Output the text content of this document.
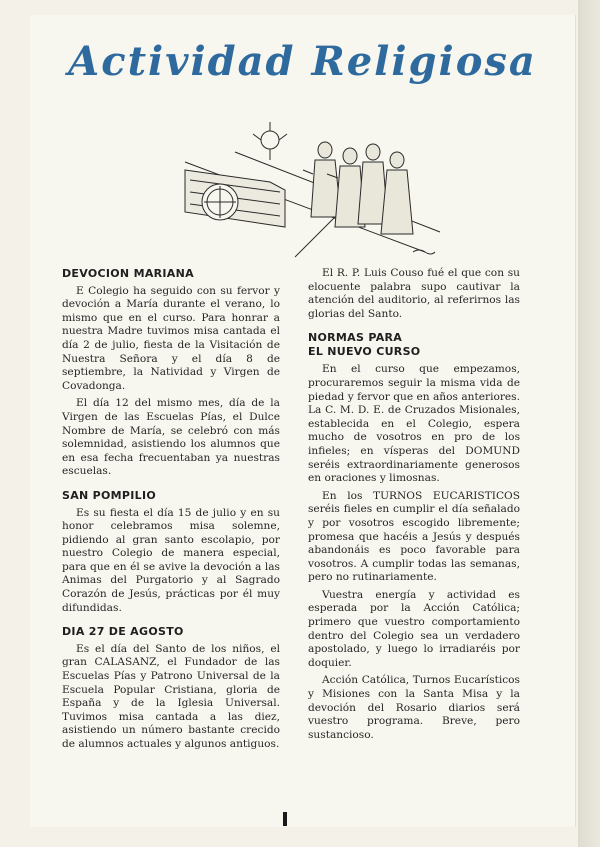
Actividad Religiosa
DEVOCION MARIANA

E Colegio ha seguido con su fervor y devoción a María durante el verano, lo mismo que en el curso. Para honrar a nuestra Madre tuvimos misa cantada el día 2 de julio, fiesta de la Visitación de Nuestra Señora y el día 8 de septiembre, la Natividad y Virgen de Covadonga.

El día 12 del mismo mes, día de la Virgen de las Escuelas Pías, el Dulce Nombre de María, se celebró con más solemnidad, asistiendo los alumnos que en esa fecha frecuentaban ya nuestras escuelas.

SAN POMPILIO

Es su fiesta el día 15 de julio y en su honor celebramos misa solemne, pidiendo al gran santo escolapio, por nuestro Colegio de manera especial, para que en él se avive la devoción a las Animas del Purgatorio y al Sagrado Corazón de Jesús, prácticas por él muy difundidas.

DIA 27 DE AGOSTO

Es el día del Santo de los niños, el gran CALASANZ, el Fundador de las Escuelas Pías y Patrono Universal de la Escuela Popular Cristiana, gloria de España y de la Iglesia Universal. Tuvimos misa cantada a las diez, asistiendo un número bastante crecido de alumnos actuales y algunos antiguos.

El R. P. Luis Couso fué el que con su elocuente palabra supo cautivar la atención del auditorio, al referirnos las glorias del Santo.

NORMAS PARA
EL NUEVO CURSO

En el curso que empezamos, procuraremos seguir la misma vida de piedad y fervor que en años anteriores. La C. M. D. E. de Cruzados Misionales, establecida en el Colegio, espera mucho de vosotros en pro de los infieles; en vísperas del DOMUND seréis extraordinariamente generosos en oraciones y limosnas.

En los TURNOS EUCARISTICOS seréis fieles en cumplir el día señalado y por vosotros escogido libremente; promesa que hacéis a Jesús y después abandonáis es poco favorable para vosotros. A cumplir todas las semanas, pero no rutinariamente.

Vuestra energía y actividad es esperada por la Acción Católica; primero que vuestro comportamiento dentro del Colegio sea un verdadero apostolado, y luego lo irradiaréis por doquier.

Acción Católica, Turnos Eucarísticos y Misiones con la Santa Misa y la devoción del Rosario diarios será vuestro programa. Breve, pero sustancioso.
